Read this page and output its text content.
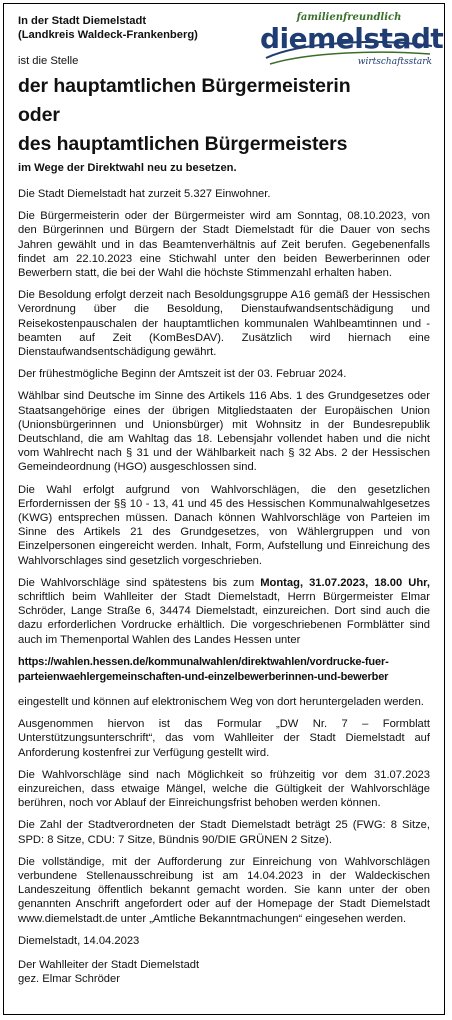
familienfreundlich
diemelstadt
wirtschaftsstark
In der Stadt Diemelstadt
(Landkreis Waldeck-Frankenberg)
ist die Stelle
der hauptamtlichen Bürgermeisterin
oder
des hauptamtlichen Bürgermeisters
im Wege der Direktwahl neu zu besetzen.

Die Stadt Diemelstadt hat zurzeit 5.327 Einwohner.

Die Bürgermeisterin oder der Bürgermeister wird am Sonntag, 08.10.2023, von den Bürgerinnen und Bürgern der Stadt Diemelstadt für die Dauer von sechs Jahren gewählt und in das Beamtenverhältnis auf Zeit berufen. Gegebenenfalls findet am 22.10.2023 eine Stichwahl unter den beiden Bewerberinnen oder Bewerbern statt, die bei der Wahl die höchste Stimmenzahl erhalten haben.

Die Besoldung erfolgt derzeit nach Besoldungsgruppe A16 gemäß der Hessischen Verordnung über die Besoldung, Dienstaufwandsentschädigung und Reisekostenpauschalen der hauptamtlichen kommunalen Wahlbeamtinnen und -beamten auf Zeit (KomBesDAV). Zusätzlich wird hiernach eine Dienstaufwandsentschädigung gewährt.

Der frühestmögliche Beginn der Amtszeit ist der 03. Februar 2024.

Wählbar sind Deutsche im Sinne des Artikels 116 Abs. 1 des Grundgesetzes oder Staatsangehörige eines der übrigen Mitgliedstaaten der Europäischen Union (Unionsbürgerinnen und Unionsbürger) mit Wohnsitz in der Bundesrepublik Deutschland, die am Wahltag das 18. Lebensjahr vollendet haben und die nicht vom Wahlrecht nach § 31 und der Wählbarkeit nach § 32 Abs. 2 der Hessischen Gemeindeordnung (HGO) ausgeschlossen sind.

Die Wahl erfolgt aufgrund von Wahlvorschlägen, die den gesetzlichen Erfordernissen der §§ 10 - 13, 41 und 45 des Hessischen Kommunalwahlgesetzes (KWG) entsprechen müssen. Danach können Wahlvorschläge von Parteien im Sinne des Artikels 21 des Grundgesetzes, von Wählergruppen und von Einzelpersonen eingereicht werden. Inhalt, Form, Aufstellung und Einreichung des Wahlvorschlages sind gesetzlich vorgeschrieben.

Die Wahlvorschläge sind spätestens bis zum Montag, 31.07.2023, 18.00 Uhr, schriftlich beim Wahlleiter der Stadt Diemelstadt, Herrn Bürgermeister Elmar Schröder, Lange Straße 6, 34474 Diemelstadt, einzureichen. Dort sind auch die dazu erforderlichen Vordrucke erhältlich. Die vorgeschriebenen Formblätter sind auch im Themenportal Wahlen des Landes Hessen unter

https://wahlen.hessen.de/kommunalwahlen/direktwahlen/vordrucke-fuer-
parteienwaehlergemeinschaften-und-einzelbewerberinnen-und-bewerber

eingestellt und können auf elektronischem Weg von dort heruntergeladen werden.

Ausgenommen hiervon ist das Formular „DW Nr. 7 – Formblatt Unterstützungsunterschrift“, das vom Wahlleiter der Stadt Diemelstadt auf Anforderung kostenfrei zur Verfügung gestellt wird.

Die Wahlvorschläge sind nach Möglichkeit so frühzeitig vor dem 31.07.2023 einzureichen, dass etwaige Mängel, welche die Gültigkeit der Wahlvorschläge berühren, noch vor Ablauf der Einreichungsfrist behoben werden können.

Die Zahl der Stadtverordneten der Stadt Diemelstadt beträgt 25 (FWG: 8 Sitze, SPD: 8 Sitze, CDU: 7 Sitze, Bündnis 90/DIE GRÜNEN 2 Sitze).

Die vollständige, mit der Aufforderung zur Einreichung von Wahlvorschlägen verbundene Stellenausschreibung ist am 14.04.2023 in der Waldeckischen Landeszeitung öffentlich bekannt gemacht worden. Sie kann unter der oben genannten Anschrift angefordert oder auf der Homepage der Stadt Diemelstadt www.diemelstadt.de unter „Amtliche Bekanntmachungen“ eingesehen werden.

Diemelstadt, 14.04.2023
Der Wahlleiter der Stadt Diemelstadt
gez. Elmar Schröder
